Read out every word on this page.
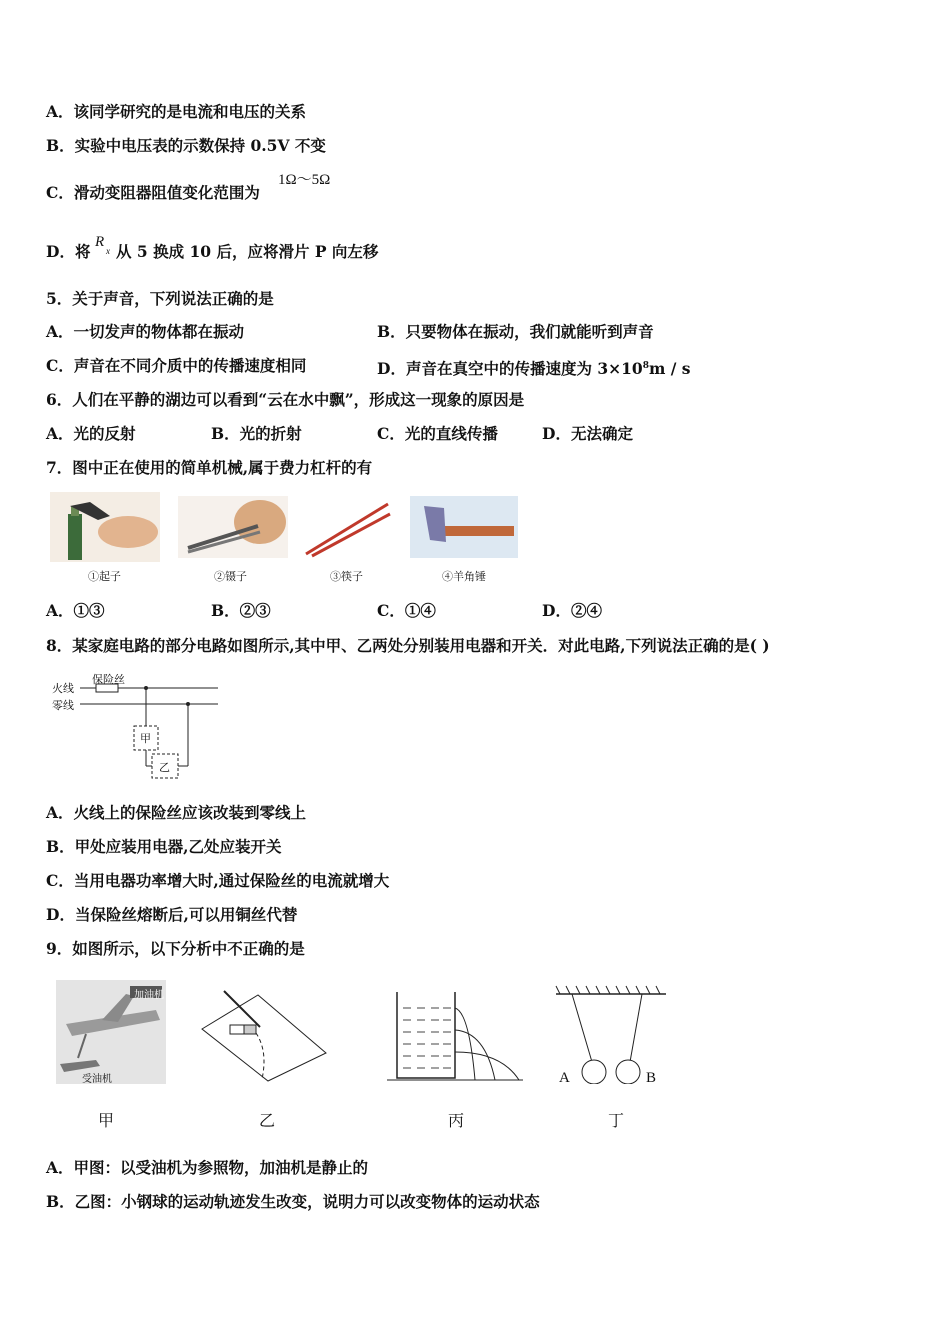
A．该同学研究的是电流和电压的关系
B．实验中电压表的示数保持 0.5V 不变
C．滑动变阻器阻值变化范围为
1Ω～5Ω
D．将 R
x 从 5 换成 10 后，应将滑片 P 向左移
5．关于声音，下列说法正确的是
A．一切发声的物体都在振动	B．只要物体在振动，我们就能听到声音
C．声音在不同介质中的传播速度相同	D．声音在真空中的传播速度为 $3\times 10^8m / s$
6．人们在平静的湖边可以看到“云在水中飘”，形成这一现象的原因是
A．光的反射	B．光的折射	C．光的直线传播	D．无法确定
7．图中正在使用的简单机械,属于费力杠杆的有
①起子	②镊子	③筷子	④羊角锤
A．①③	B．②③	C．①④	D．②④
8．某家庭电路的部分电路如图所示,其中甲、乙两处分别装用电器和开关．对此电路,下列说法正确的是( )
火线
零线
保险丝
甲
乙
A．火线上的保险丝应该改装到零线上
B．甲处应装用电器,乙处应装开关
C．当用电器功率增大时,通过保险丝的电流就增大
D．当保险丝熔断后,可以用铜丝代替
9．如图所示，以下分析中不正确的是
加油机
受油机	A	B
甲	乙	丙	丁
A．甲图：以受油机为参照物，加油机是静止的
B．乙图：小钢球的运动轨迹发生改变，说明力可以改变物体的运动状态
